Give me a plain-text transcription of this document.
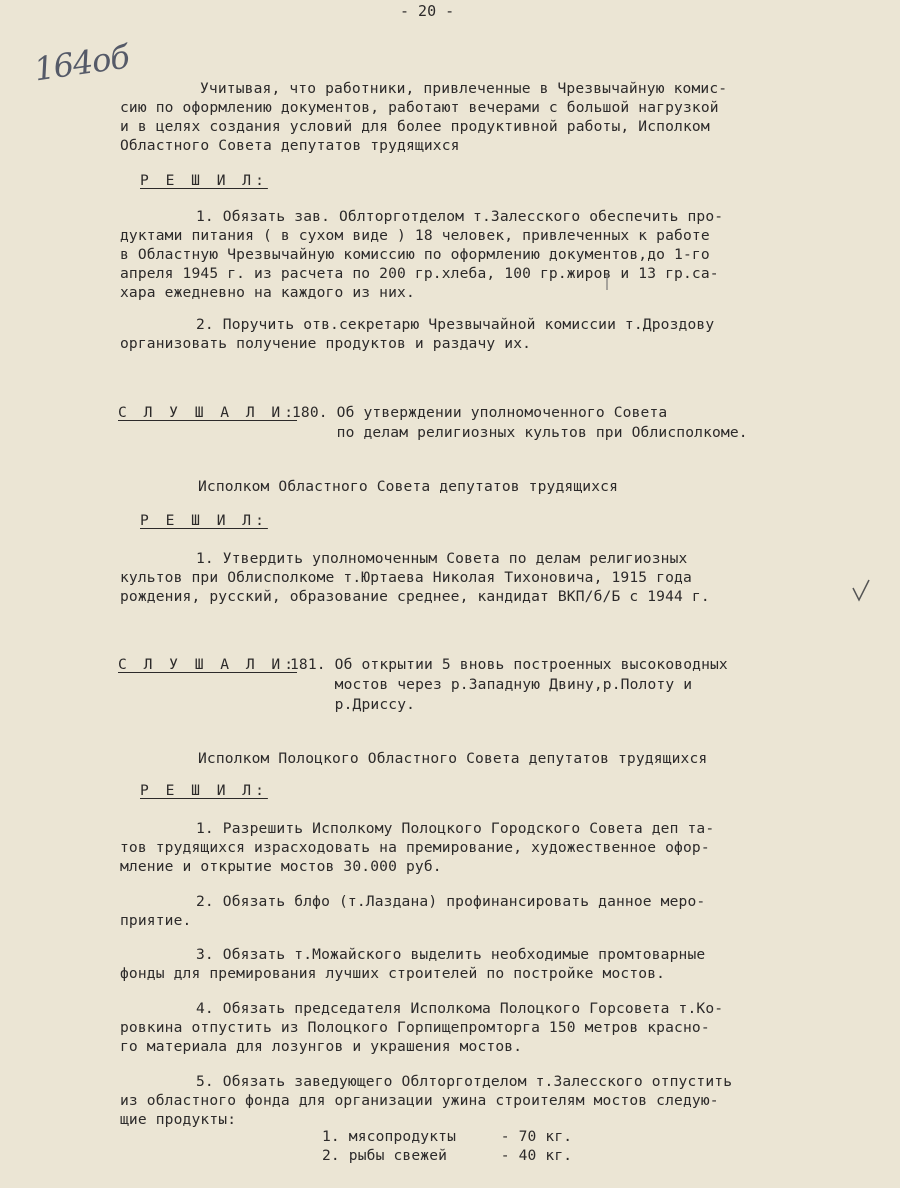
- 20 -
164об
Учитывая, что работники, привлеченные в Чрезвычайную комис-
сию по оформлению документов, работают вечерами с большой нагрузкой
и в целях создания условий для более продуктивной работы, Исполком
Областного Совета депутатов трудящихся
Р Е Ш И Л:
1. Обязать зав. Облторготделом т.Залесского обеспечить про-
дуктами питания ( в сухом виде ) 18 человек, привлеченных к работе
в Областную Чрезвычайную комиссию по оформлению документов,до 1-го
апреля 1945 г. из расчета по 200 гр.хлеба, 100 гр.жиров и 13 гр.са-
хара ежедневно на каждого из них.
2. Поручить отв.секретарю Чрезвычайной комиссии т.Дроздову
организовать получение продуктов и раздачу их.
С Л У Ш А Л И:
180. Об утверждении уполномоченного Совета
по делам религиозных культов при Облисполкоме.
Исполком Областного Совета депутатов трудящихся
Р Е Ш И Л:
1. Утвердить уполномоченным Совета по делам религиозных
культов при Облисполкоме т.Юртаева Николая Тихоновича, 1915 года
рождения, русский, образование среднее, кандидат ВКП/б/Б с 1944 г.
С Л У Ш А Л И:
181. Об открытии 5 вновь построенных высоководных
мостов через р.Западную Двину,р.Полоту и
р.Дриссу.
Исполком Полоцкого Областного Совета депутатов трудящихся
Р Е Ш И Л:
1. Разрешить Исполкому Полоцкого Городского Совета деп та-
тов трудящихся израсходовать на премирование, художественное офор-
мление и открытие мостов 30.000 руб.
2. Обязать блфо (т.Лаздана) профинансировать данное меро-
приятие.
3. Обязать т.Можайского выделить необходимые промтоварные
фонды для премирования лучших строителей по постройке мостов.
4. Обязать председателя Исполкома Полоцкого Горсовета т.Ко-
ровкина отпустить из Полоцкого Горпищепромторга 150 метров красно-
го материала для лозунгов и украшения мостов.
5. Обязать заведующего Облторготделом т.Залесского отпустить
из областного фонда для организации ужина строителям мостов следую-
щие продукты:
1. мясопродукты     - 70 кг.
2. рыбы свежей      - 40 кг.
